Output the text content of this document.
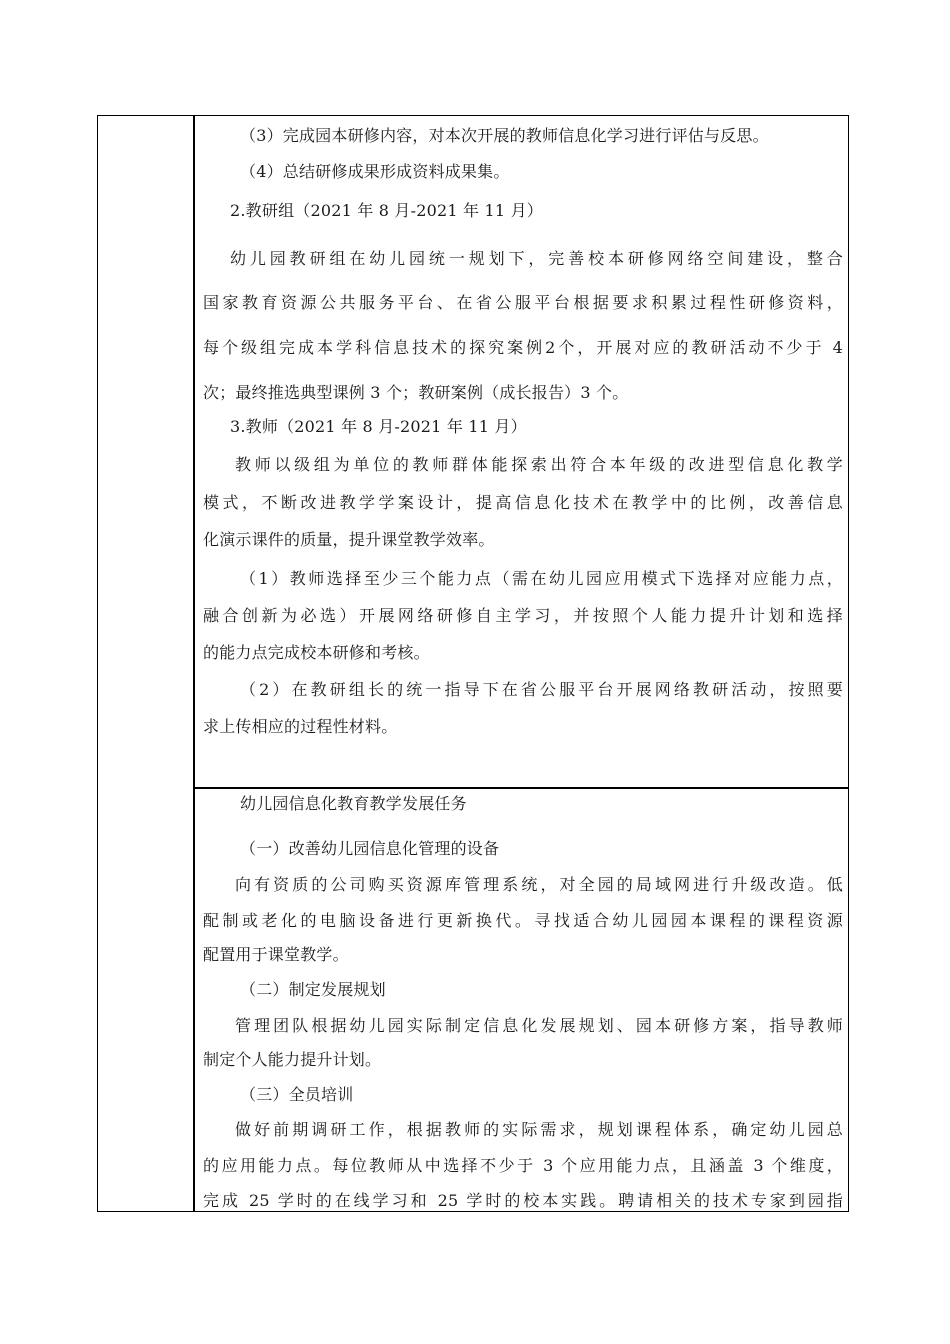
（3）完成园本研修内容，对本次开展的教师信息化学习进行评估与反思。
（4）总结研修成果形成资料成果集。
2.教研组（2021 年 8 月-2021 年 11 月）
幼儿园教研组在幼儿园统一规划下，完善校本研修网络空间建设，整合
国家教育资源公共服务平台、在省公服平台根据要求积累过程性研修资料，
每个级组完成本学科信息技术的探究案例2个，开展对应的教研活动不少于 4
次；最终推选典型课例 3 个；教研案例（成长报告）3 个。
3.教师（2021 年 8 月-2021 年 11 月）
教师以级组为单位的教师群体能探索出符合本年级的改进型信息化教学
模式，不断改进教学学案设计，提高信息化技术在教学中的比例，改善信息
化演示课件的质量，提升课堂教学效率。
（1）教师选择至少三个能力点（需在幼儿园应用模式下选择对应能力点，
融合创新为必选）开展网络研修自主学习，并按照个人能力提升计划和选择
的能力点完成校本研修和考核。
（2）在教研组长的统一指导下在省公服平台开展网络教研活动，按照要
求上传相应的过程性材料。
幼儿园信息化教育教学发展任务
（一）改善幼儿园信息化管理的设备
向有资质的公司购买资源库管理系统，对全园的局域网进行升级改造。低
配制或老化的电脑设备进行更新换代。寻找适合幼儿园园本课程的课程资源
配置用于课堂教学。
（二）制定发展规划
管理团队根据幼儿园实际制定信息化发展规划、园本研修方案，指导教师
制定个人能力提升计划。
（三）全员培训
做好前期调研工作，根据教师的实际需求，规划课程体系，确定幼儿园总
的应用能力点。每位教师从中选择不少于 3 个应用能力点，且涵盖 3 个维度，
完成 25 学时的在线学习和 25 学时的校本实践。聘请相关的技术专家到园指
